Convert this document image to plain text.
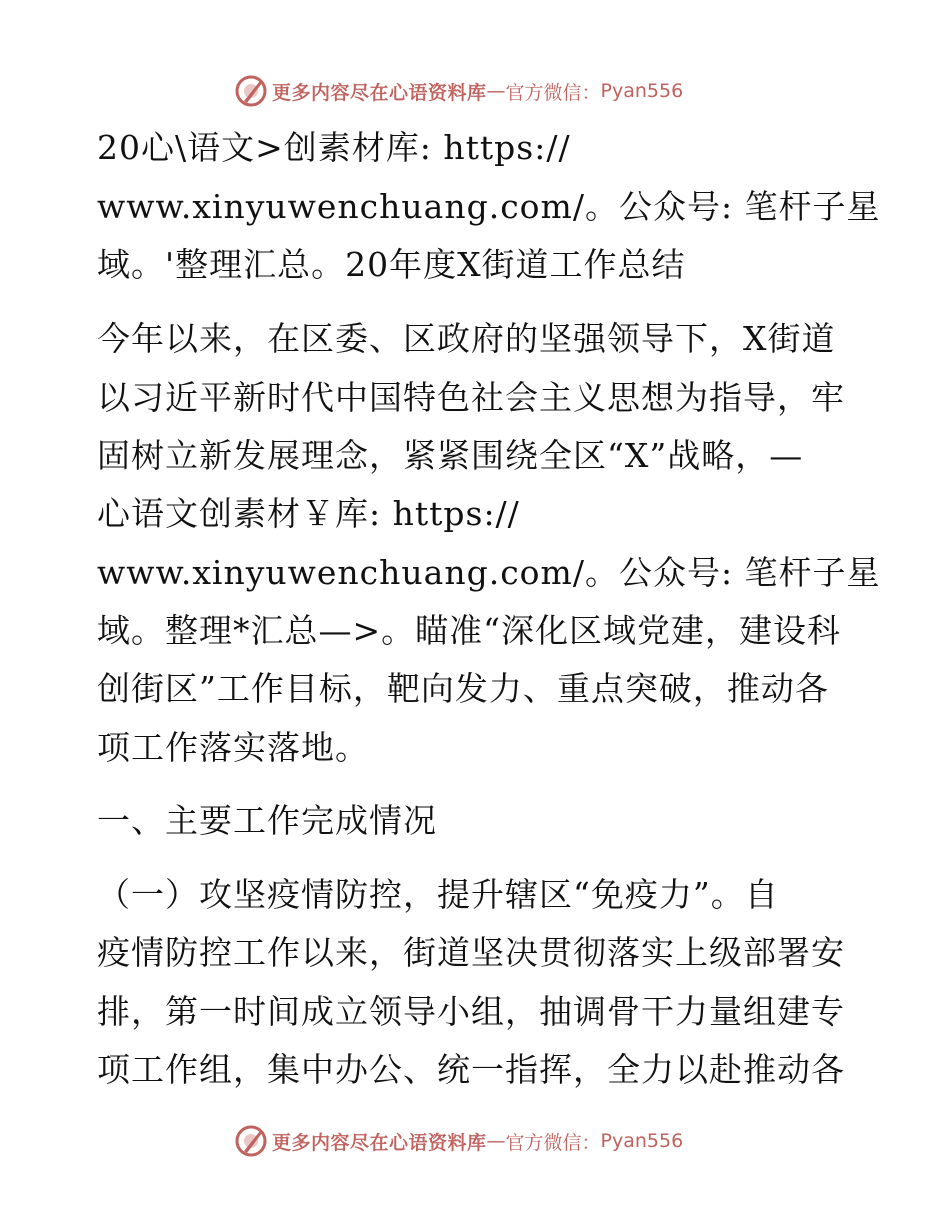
更多内容尽在心语资料库 — 官方微信： Pyan556
20心\语文>创素材库: https://
www.xinyuwenchuang.com/。公众号: 笔杆子星
域。'整理汇总。20年度X街道工作总结
今年以来，在区委、区政府的坚强领导下，X街道
以习近平新时代中国特色社会主义思想为指导，牢
固树立新发展理念，紧紧围绕全区“X”战略，—
心语文创素材￥库: https://
www.xinyuwenchuang.com/。公众号: 笔杆子星
域。整理*汇总—>。瞄准“深化区域党建，建设科
创街区”工作目标，靶向发力、重点突破，推动各
项工作落实落地。
一、主要工作完成情况
（一）攻坚疫情防控，提升辖区“免疫力”。自
疫情防控工作以来，街道坚决贯彻落实上级部署安
排，第一时间成立领导小组，抽调骨干力量组建专
项工作组，集中办公、统一指挥，全力以赴推动各
更多内容尽在心语资料库 — 官方微信： Pyan556
